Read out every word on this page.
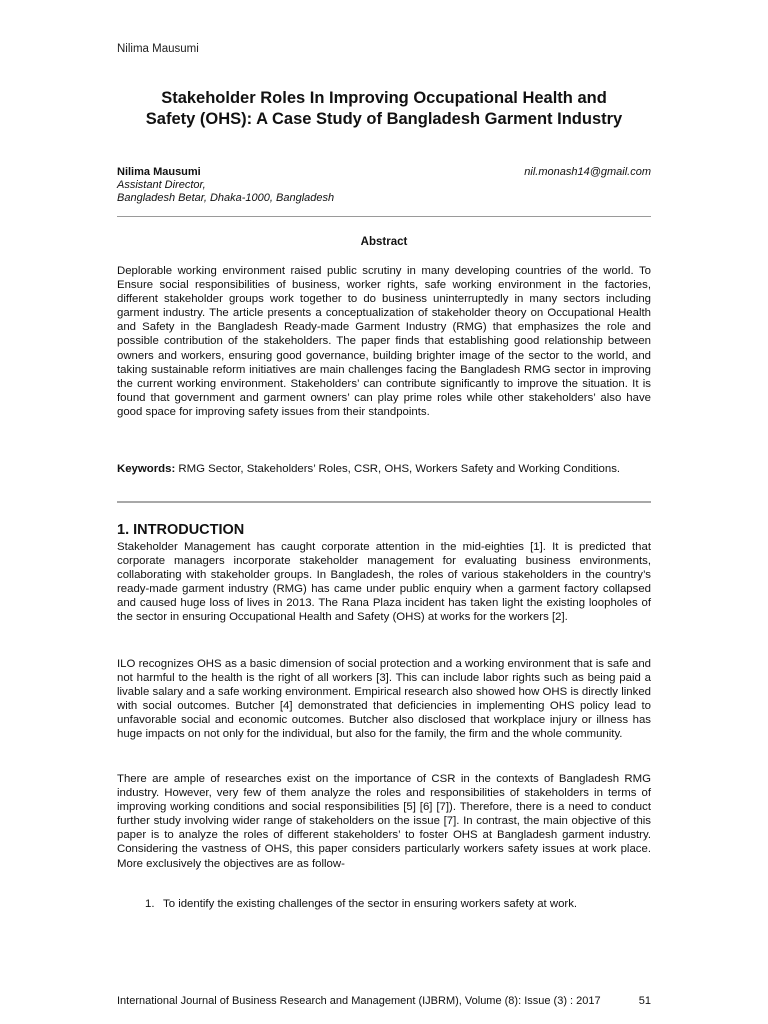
Nilima Mausumi
Stakeholder Roles In Improving Occupational Health and
Safety (OHS): A Case Study of Bangladesh Garment Industry
Nilima Mausumi	nil.monash14@gmail.com
Assistant Director,
Bangladesh Betar, Dhaka-1000, Bangladesh
Abstract

Deplorable working environment raised public scrutiny in many developing countries of the world. To Ensure social responsibilities of business, worker rights, safe working environment in the factories, different stakeholder groups work together to do business uninterruptedly in many sectors including garment industry. The article presents a conceptualization of stakeholder theory on Occupational Health and Safety in the Bangladesh Ready-made Garment Industry (RMG) that emphasizes the role and possible contribution of the stakeholders. The paper finds that establishing good relationship between owners and workers, ensuring good governance, building brighter image of the sector to the world, and taking sustainable reform initiatives are main challenges facing the Bangladesh RMG sector in improving the current working environment. Stakeholders’ can contribute significantly to improve the situation. It is found that government and garment owners’ can play prime roles while other stakeholders’ also have good space for improving safety issues from their standpoints.

Keywords: RMG Sector, Stakeholders’ Roles, CSR, OHS, Workers Safety and Working Conditions.

1. INTRODUCTION

Stakeholder Management has caught corporate attention in the mid-eighties [1]. It is predicted that corporate managers incorporate stakeholder management for evaluating business environments, collaborating with stakeholder groups. In Bangladesh, the roles of various stakeholders in the country’s ready-made garment industry (RMG) has came under public enquiry when a garment factory collapsed and caused huge loss of lives in 2013. The Rana Plaza incident has taken light the existing loopholes of the sector in ensuring Occupational Health and Safety (OHS) at works for the workers [2].

ILO recognizes OHS as a basic dimension of social protection and a working environment that is safe and not harmful to the health is the right of all workers [3]. This can include labor rights such as being paid a livable salary and a safe working environment. Empirical research also showed how OHS is directly linked with social outcomes. Butcher [4] demonstrated that deficiencies in implementing OHS policy lead to unfavorable social and economic outcomes. Butcher also disclosed that workplace injury or illness has huge impacts on not only for the individual, but also for the family, the firm and the whole community.

There are ample of researches exist on the importance of CSR in the contexts of Bangladesh RMG industry. However, very few of them analyze the roles and responsibilities of stakeholders in terms of improving working conditions and social responsibilities [5] [6] [7]). Therefore, there is a need to conduct further study involving wider range of stakeholders on the issue [7]. In contrast, the main objective of this paper is to analyze the roles of different stakeholders’ to foster OHS at Bangladesh garment industry. Considering the vastness of OHS, this paper considers particularly workers safety issues at work place. More exclusively the objectives are as follow-

1. To identify the existing challenges of the sector in ensuring workers safety at work.
International Journal of Business Research and Management (IJBRM), Volume (8): Issue (3) : 2017	51
